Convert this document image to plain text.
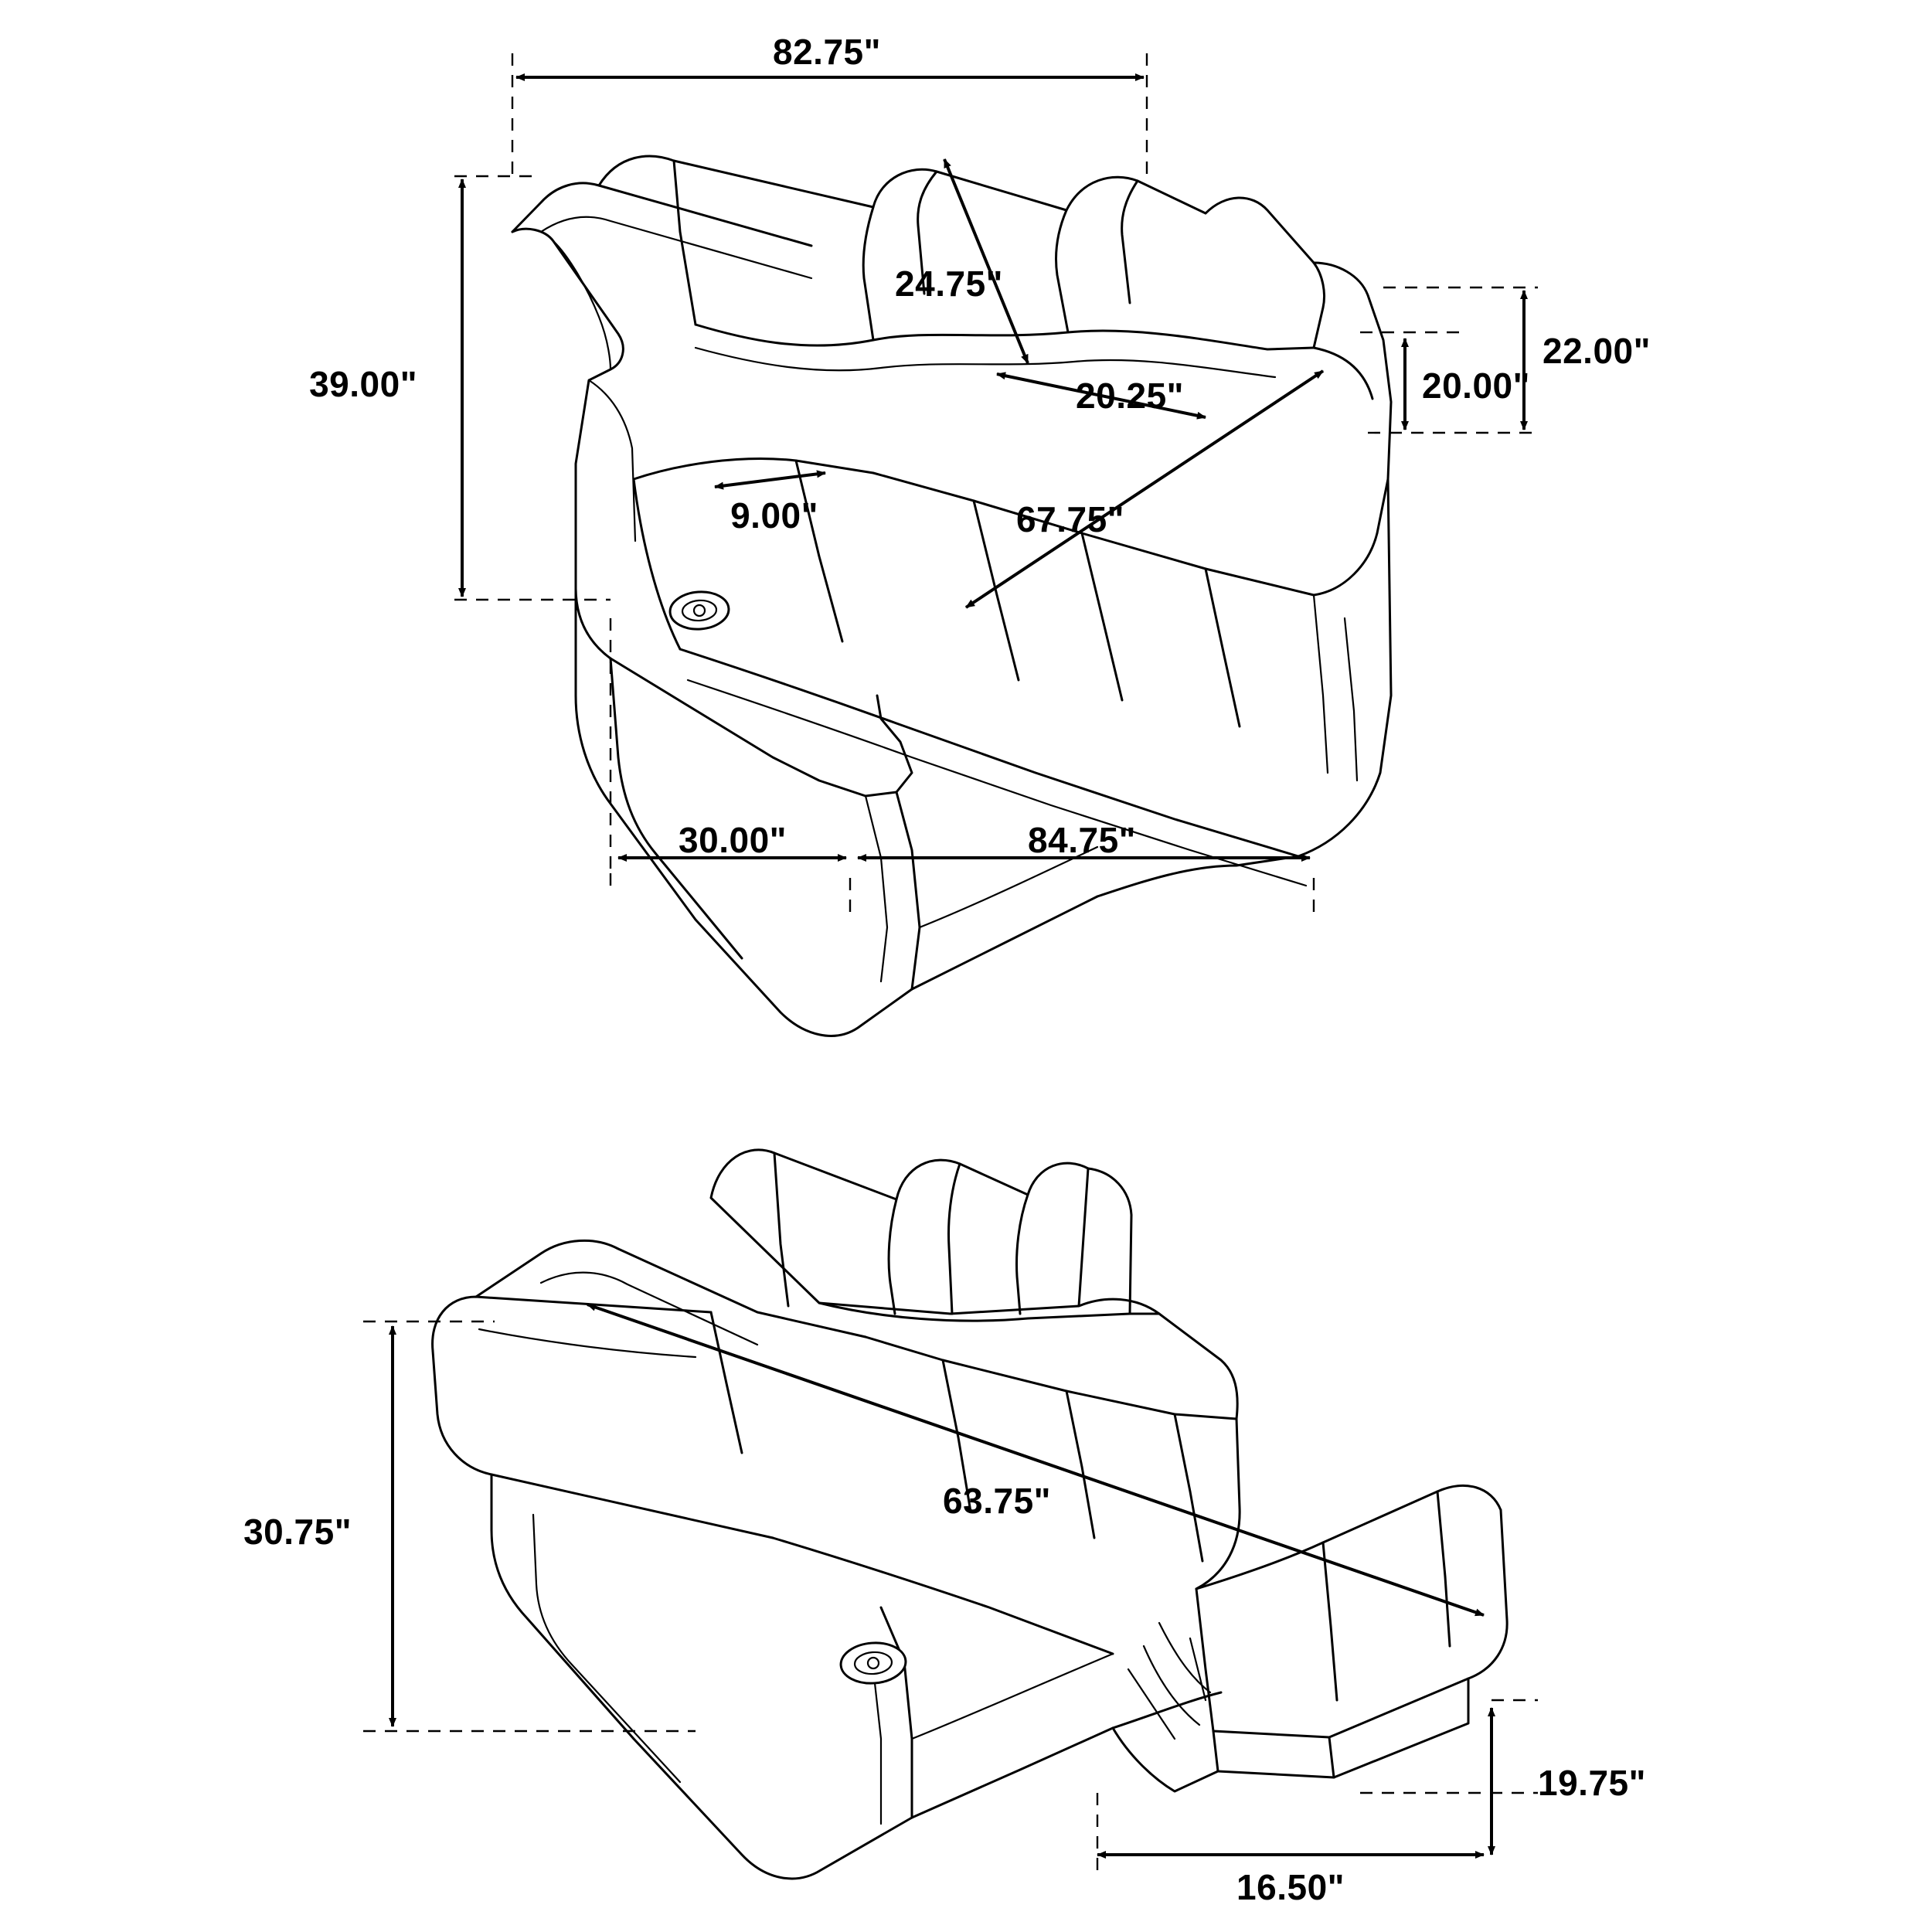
82.75"
39.00"
24.75"
20.25"	20.00"
22.00"
9.00"	67.75"
30.00"	84.75"
30.75"
63.75"
19.75"
16.50"
